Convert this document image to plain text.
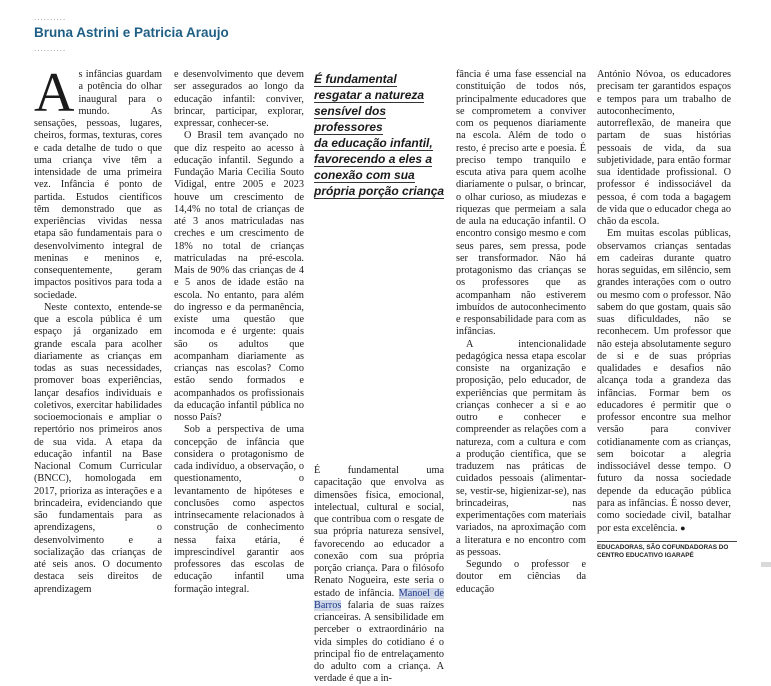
..........
Bruna Astrini e Patricia Araujo
..........

As infâncias guardam a potência do olhar inaugural para o mundo. As sensações, pessoas, lugares, cheiros, formas, texturas, cores e cada detalhe de tudo o que uma criança vive têm a intensidade de uma primeira vez. Infância é ponto de partida. Estudos científicos têm demonstrado que as experiências vividas nessa etapa são fundamentais para o desenvolvimento integral de meninas e meninos e, consequentemente, geram impactos positivos para toda a sociedade.

Neste contexto, entende-se que a escola pública é um espaço já organizado em grande escala para acolher diariamente as crianças em todas as suas necessidades, promover boas experiências, lançar desafios individuais e coletivos, exercitar habilidades socioemocionais e ampliar o repertório nos primeiros anos de sua vida. A etapa da educação infantil na Base Nacional Comum Curricular (BNCC), homologada em 2017, prioriza as interações e a brincadeira, evidenciando que são fundamentais para as aprendizagens, o desenvolvimento e a socialização das crianças de até seis anos. O documento destaca seis direitos de aprendizagem

e desenvolvimento que devem ser assegurados ao longo da educação infantil: conviver, brincar, participar, explorar, expressar, conhecer-se.

O Brasil tem avançado no que diz respeito ao acesso à educação infantil. Segundo a Fundação Maria Cecilia Souto Vidigal, entre 2005 e 2023 houve um crescimento de 14,4% no total de crianças de até 3 anos matriculadas nas creches e um crescimento de 18% no total de crianças matriculadas na pré-escola. Mais de 90% das crianças de 4 e 5 anos de idade estão na escola. No entanto, para além do ingresso e da permanência, existe uma questão que incomoda e é urgente: quais são os adultos que acompanham diariamente as crianças nas escolas? Como estão sendo formados e acompanhados os profissionais da educação infantil pública no nosso País?

Sob a perspectiva de uma concepção de infância que considera o protagonismo de cada indivíduo, a observação, o questionamento, o levantamento de hipóteses e conclusões como aspectos intrinsecamente relacionados à construção de conhecimento nessa faixa etária, é imprescindível garantir aos professores das escolas de educação infantil uma formação integral.

É fundamental
resgatar a natureza
sensível dos professores
da educação infantil,
favorecendo a eles a
conexão com sua
própria porção criança

É fundamental uma capacitação que envolva as dimensões física, emocional, intelectual, cultural e social, que contribua com o resgate de sua própria natureza sensível, favorecendo ao educador a conexão com sua própria porção criança. Para o filósofo Renato Nogueira, este seria o estado de infância. Manoel de Barros falaria de suas raízes crianceiras. A sensibilidade em perceber o extraordinário na vida simples do cotidiano é o principal fio de entrelaçamento do adulto com a criança. A verdade é que a in-

fância é uma fase essencial na constituição de todos nós, principalmente educadores que se comprometem a conviver com os pequenos diariamente na escola. Além de todo o resto, é preciso arte e poesia. É preciso tempo tranquilo e escuta ativa para quem acolhe diariamente o pulsar, o brincar, o olhar curioso, as miudezas e riquezas que permeiam a sala de aula na educação infantil. O encontro consigo mesmo e com seus pares, sem pressa, pode ser transformador. Não há protagonismo das crianças se os professores que as acompanham não estiverem imbuídos de autoconhecimento e responsabilidade para com as infâncias.

A intencionalidade pedagógica nessa etapa escolar consiste na organização e proposição, pelo educador, de experiências que permitam às crianças conhecer a si e ao outro e conhecer e compreender as relações com a natureza, com a cultura e com a produção científica, que se traduzem nas práticas de cuidados pessoais (alimentar-se, vestir-se, higienizar-se), nas brincadeiras, nas experimentações com materiais variados, na aproximação com a literatura e no encontro com as pessoas.

Segundo o professor e doutor em ciências da educação

António Nóvoa, os educadores precisam ter garantidos espaços e tempos para um trabalho de autoconhecimento, autorreflexão, de maneira que partam de suas histórias pessoais de vida, da sua subjetividade, para então formar sua identidade profissional. O professor é indissociável da pessoa, é com toda a bagagem de vida que o educador chega ao chão da escola.

Em muitas escolas públicas, observamos crianças sentadas em cadeiras durante quatro horas seguidas, em silêncio, sem grandes interações com o outro ou mesmo com o professor. Não sabem do que gostam, quais são suas dificuldades, não se reconhecem. Um professor que não esteja absolutamente seguro de si e de suas próprias qualidades e desafios não alcança toda a grandeza das infâncias. Formar bem os educadores é permitir que o professor encontre sua melhor versão para conviver cotidianamente com as crianças, sem boicotar a alegria indissociável desse tempo. O futuro da nossa sociedade depende da educação pública para as infâncias. É nosso dever, como sociedade civil, batalhar por esta excelência. ●

EDUCADORAS, SÃO COFUNDADORAS DO CENTRO EDUCATIVO IGARAPÉ
